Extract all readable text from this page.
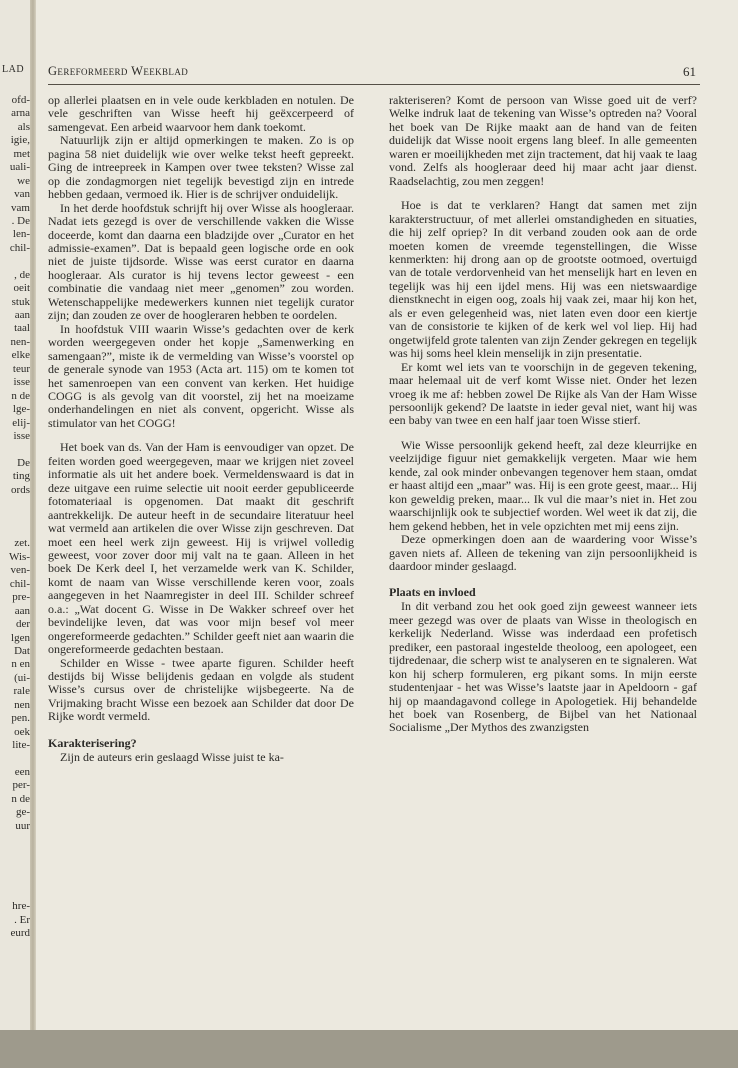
LAD
ofd-
arna
als
igie,
met
uali-
we
van
vam
. De
len-
chil-

, de
oeit
stuk
aan
taal
nen-
elke
teur
isse
n de
lge-
elij-
isse

De
ting
ords

zet.
Wis-
ven-
chil-
pre-
aan
der
lgen
Dat
n en
(ui-
rale
nen
pen.
oek
lite-

een
per-
n de
ge-
uur

hre-
. Er
eurd
Gereformeerd Weekblad	61

op allerlei plaatsen en in vele oude kerkbladen en notulen. De vele geschriften van Wisse heeft hij geëxcerpeerd of samengevat. Een arbeid waarvoor hem dank toekomt.

Natuurlijk zijn er altijd opmerkingen te maken. Zo is op pagina 58 niet duidelijk wie over welke tekst heeft gepreekt. Ging de intreepreek in Kampen over twee teksten? Wisse zal op die zondagmorgen niet tegelijk bevestigd zijn en intrede hebben gedaan, vermoed ik. Hier is de schrijver onduidelijk.

In het derde hoofdstuk schrijft hij over Wisse als hoogleraar. Nadat iets gezegd is over de verschillende vakken die Wisse doceerde, komt dan daarna een bladzijde over „Curator en het admissie-examen”. Dat is bepaald geen logische orde en ook niet de juiste tijdsorde. Wisse was eerst curator en daarna hoogleraar. Als curator is hij tevens lector geweest - een combinatie die vandaag niet meer „genomen” zou worden. Wetenschappelijke medewerkers kunnen niet tegelijk curator zijn; dan zouden ze over de hoogleraren hebben te oordelen.

In hoofdstuk VIII waarin Wisse’s gedachten over de kerk worden weergegeven onder het kopje „Samenwerking en samengaan?”, miste ik de vermelding van Wisse’s voorstel op de generale synode van 1953 (Acta art. 115) om te komen tot het samenroepen van een convent van kerken. Het huidige COGG is als gevolg van dit voorstel, zij het na moeizame onderhandelingen en niet als convent, opgericht. Wisse als stimulator van het COGG!

Het boek van ds. Van der Ham is eenvoudiger van opzet. De feiten worden goed weergegeven, maar we krijgen niet zoveel informatie als uit het andere boek. Vermeldenswaard is dat in deze uitgave een ruime selectie uit nooit eerder gepubliceerde fotomateriaal is opgenomen. Dat maakt dit geschrift aantrekkelijk. De auteur heeft in de secundaire literatuur heel wat vermeld aan artikelen die over Wisse zijn geschreven. Dat moet een heel werk zijn geweest. Hij is vrijwel volledig geweest, voor zover door mij valt na te gaan. Alleen in het boek De Kerk deel I, het verzamelde werk van K. Schilder, komt de naam van Wisse verschillende keren voor, zoals aangegeven in het Naamregister in deel III. Schilder schreef o.a.: „Wat docent G. Wisse in De Wakker schreef over het bevindelijke leven, dat was voor mijn besef vol meer ongereformeerde gedachten.” Schilder geeft niet aan waarin die ongereformeerde gedachten bestaan.

Schilder en Wisse - twee aparte figuren. Schilder heeft destijds bij Wisse belijdenis gedaan en volgde als student Wisse’s cursus over de christelijke wijsbegeerte. Na de Vrijmaking bracht Wisse een bezoek aan Schilder dat door De Rijke wordt vermeld.

Karakterisering?

Zijn de auteurs erin geslaagd Wisse juist te ka-

rakteriseren? Komt de persoon van Wisse goed uit de verf? Welke indruk laat de tekening van Wisse’s optreden na? Vooral het boek van De Rijke maakt aan de hand van de feiten duidelijk dat Wisse nooit ergens lang bleef. In alle gemeenten waren er moeilijkheden met zijn tractement, dat hij vaak te laag vond. Zelfs als hoogleraar deed hij maar acht jaar dienst. Raadselachtig, zou men zeggen!

Hoe is dat te verklaren? Hangt dat samen met zijn karakterstructuur, of met allerlei omstandigheden en situaties, die hij zelf opriep? In dit verband zouden ook aan de orde moeten komen de vreemde tegenstellingen, die Wisse kenmerkten: hij drong aan op de grootste ootmoed, overtuigd van de totale verdorvenheid van het menselijk hart en leven en tegelijk was hij een ijdel mens. Hij was een nietswaardige dienstknecht in eigen oog, zoals hij vaak zei, maar hij kon het, als er even gelegenheid was, niet laten even door een kiertje van de consistorie te kijken of de kerk wel vol liep. Hij had ongetwijfeld grote talenten van zijn Zender gekregen en tegelijk was hij soms heel klein menselijk in zijn presentatie.

Er komt wel iets van te voorschijn in de gegeven tekening, maar helemaal uit de verf komt Wisse niet. Onder het lezen vroeg ik me af: hebben zowel De Rijke als Van der Ham Wisse persoonlijk gekend? De laatste in ieder geval niet, want hij was een baby van twee en een half jaar toen Wisse stierf.

Wie Wisse persoonlijk gekend heeft, zal deze kleurrijke en veelzijdige figuur niet gemakkelijk vergeten. Maar wie hem kende, zal ook minder onbevangen tegenover hem staan, omdat er haast altijd een „maar” was. Hij is een grote geest, maar... Hij kon geweldig preken, maar... Ik vul die maar’s niet in. Het zou waarschijnlijk ook te subjectief worden. Wel weet ik dat zij, die hem gekend hebben, het in vele opzichten met mij eens zijn.

Deze opmerkingen doen aan de waardering voor Wisse’s gaven niets af. Alleen de tekening van zijn persoonlijkheid is daardoor minder geslaagd.

Plaats en invloed

In dit verband zou het ook goed zijn geweest wanneer iets meer gezegd was over de plaats van Wisse in theologisch en kerkelijk Nederland. Wisse was inderdaad een profetisch prediker, een pastoraal ingestelde theoloog, een apologeet, een tijdredenaar, die scherp wist te analyseren en te signaleren. Wat kon hij scherp formuleren, erg pikant soms. In mijn eerste studentenjaar - het was Wisse’s laatste jaar in Apeldoorn - gaf hij op maandagavond college in Apologetiek. Hij behandelde het boek van Rosenberg, de Bijbel van het Nationaal Socialisme „Der Mythos des zwanzigsten
